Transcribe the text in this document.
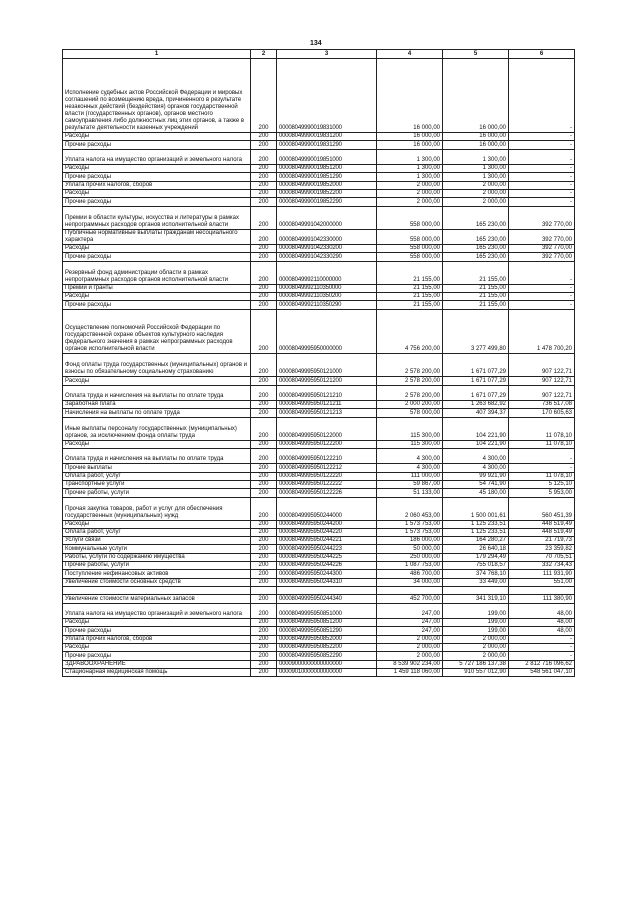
134
1	2	3	4	5	6
Исполнение судебных актов Российской Федерации и мировых соглашений по возмещению вреда, причиненного в результате незаконных действий (бездействия) органов государственной власти (государственных органов), органов местного самоуправления либо должностных лиц этих органов, а также в результате деятельности казенных учреждений	200	00008049990019831000	16 000,00	16 000,00	-
Расходы	200	00008049990019831200	16 000,00	16 000,00	-
Прочие расходы	200	00008049990019831290	16 000,00	16 000,00	-
Уплата налога на имущество организаций и земельного налога	200	00008049990019851000	1 300,00	1 300,00	-
Расходы	200	00008049990019851200	1 300,00	1 300,00	-
Прочие расходы	200	00008049990019851290	1 300,00	1 300,00	-
Уплата прочих налогов, сборов	200	00008049990019852000	2 000,00	2 000,00	-
Расходы	200	00008049990019852200	2 000,00	2 000,00	-
Прочие расходы	200	00008049990019852290	2 000,00	2 000,00	-
Премии в области культуры, искусства и литературы в рамках непрограммных расходов органов исполнительной власти	200	00008049991042000000	558 000,00	165 230,00	392 770,00
Публичные нормативные выплаты гражданам несоциального характера	200	00008049991042330000	558 000,00	165 230,00	392 770,00
Расходы	200	00008049991042330200	558 000,00	165 230,00	392 770,00
Прочие расходы	200	00008049991042330290	558 000,00	165 230,00	392 770,00
Резервный фонд администрации области в рамках непрограммных расходов органов исполнительной власти	200	00008049992110000000	21 155,00	21 155,00	-
Премии и гранты	200	00008049992110350000	21 155,00	21 155,00	-
Расходы	200	00008049992110350200	21 155,00	21 155,00	-
Прочие расходы	200	00008049992110350290	21 155,00	21 155,00	-
Осуществление полномочий Российской Федерации по государственной охране объектов культурного наследия федерального значения в рамках непрограммных расходов органов исполнительной власти	200	00008049995950000000	4 756 200,00	3 277 499,80	1 478 700,20
Фонд оплаты труда государственных (муниципальных) органов и взносы по обязательному социальному страхованию	200	00008049995950121000	2 578 200,00	1 671 077,29	907 122,71
Расходы	200	00008049995950121200	2 578 200,00	1 671 077,29	907 122,71
Оплата труда и начисления на выплаты по оплате труда	200	00008049995950121210	2 578 200,00	1 671 077,29	907 122,71
Заработная плата	200	00008049995950121211	2 000 200,00	1 263 682,92	736 517,08
Начисления на выплаты по оплате труда	200	00008049995950121213	578 000,00	407 394,37	170 605,63
Иные выплаты персоналу государственных (муниципальных) органов, за исключением фонда оплаты труда	200	00008049995950122000	115 300,00	104 221,90	11 078,10
Расходы	200	00008049995950122200	115 300,00	104 221,90	11 078,10
Оплата труда и начисления на выплаты по оплате труда	200	00008049995950122210	4 300,00	4 300,00	-
Прочие выплаты	200	00008049995950122212	4 300,00	4 300,00	-
Оплата работ, услуг	200	00008049995950122220	111 000,00	99 921,90	11 078,10
Транспортные услуги	200	00008049995950122222	59 867,00	54 741,90	5 125,10
Прочие работы, услуги	200	00008049995950122226	51 133,00	45 180,00	5 953,00
Прочая закупка товаров, работ и услуг для обеспечения государственных (муниципальных) нужд	200	00008049995950244000	2 060 453,00	1 500 001,61	560 451,39
Расходы	200	00008049995950244200	1 573 753,00	1 125 233,51	448 519,49
Оплата работ, услуг	200	00008049995950244220	1 573 753,00	1 125 233,51	448 519,49
Услуги связи	200	00008049995950244221	186 000,00	164 280,27	21 719,73
Коммунальные услуги	200	00008049995950244223	50 000,00	26 640,18	23 359,82
Работы, услуги по содержанию имущества	200	00008049995950244225	250 000,00	179 294,49	70 705,51
Прочие работы, услуги	200	00008049995950244226	1 087 753,00	755 018,57	332 734,43
Поступление нефинансовых активов	200	00008049995950244300	486 700,00	374 768,10	111 931,90
Увеличение стоимости основных средств	200	00008049995950244310	34 000,00	33 449,00	551,00

Увеличение стоимости материальных запасов	200	00008049995950244340	452 700,00	341 319,10	111 380,90
Уплата налога на имущество организаций и земельного налога	200	00008049995950851000	247,00	199,00	48,00
Расходы	200	00008049995950851200	247,00	199,00	48,00
Прочие расходы	200	00008049995950851290	247,00	199,00	48,00
Уплата прочих налогов, сборов	200	00008049995950852000	2 000,00	2 000,00	-
Расходы	200	00008049995950852200	2 000,00	2 000,00	-
Прочие расходы	200	00008049995950852290	2 000,00	2 000,00	-
ЗДРАВООХРАНЕНИЕ	200	00009000000000000000	8 539 902 234,00	5 727 186 137,38	2 812 716 096,62
Стационарная медицинская помощь	200	00009010000000000000	1 459 118 060,00	910 557 012,90	548 561 047,10
